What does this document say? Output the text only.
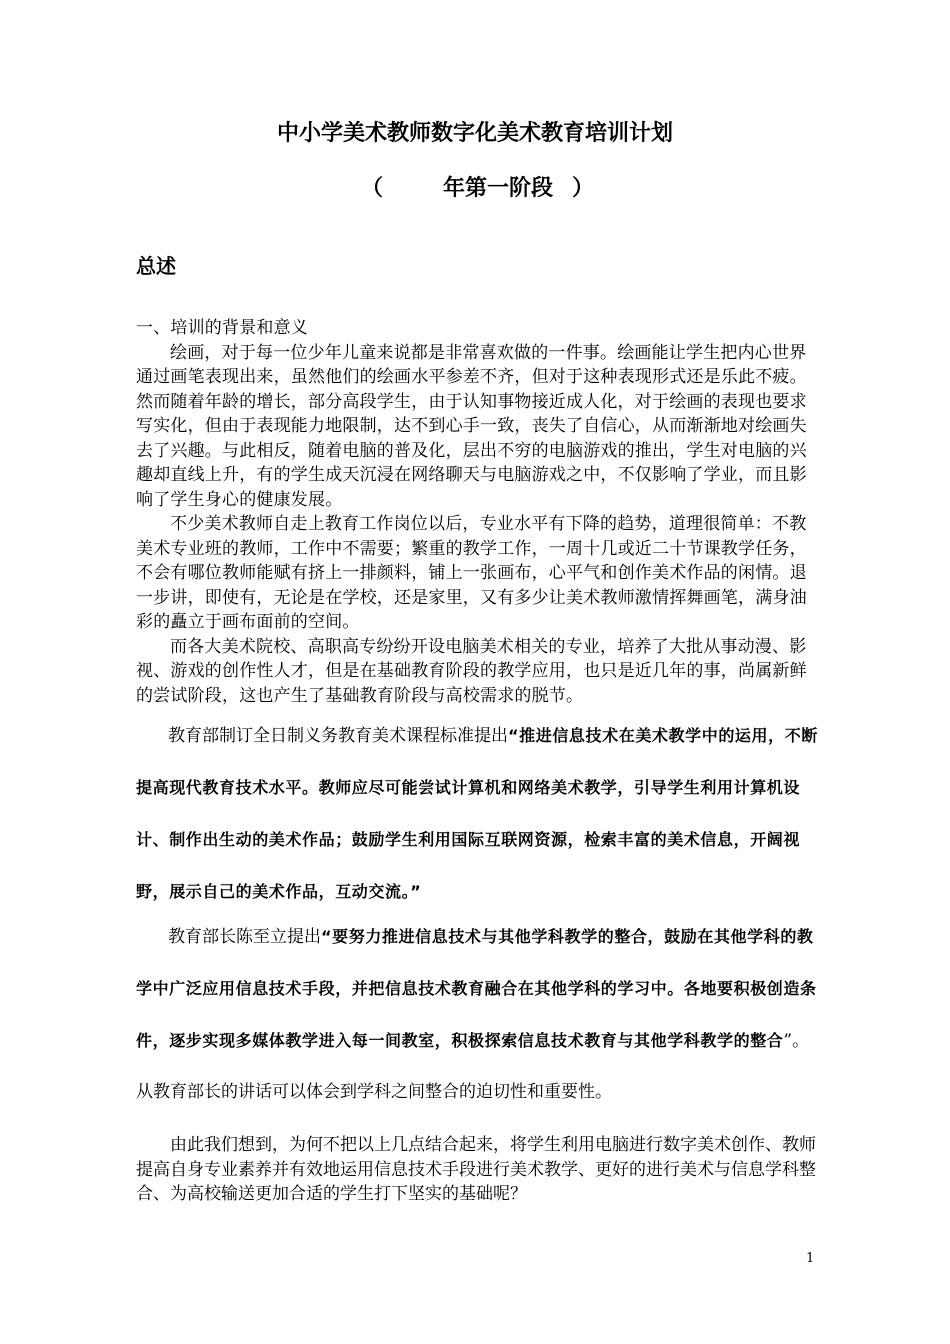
中小学美术教师数字化美术教育培训计划
（	年第一阶段 ）
总述

一、培训的背景和意义

绘画，对于每一位少年儿童来说都是非常喜欢做的一件事。绘画能让学生把内心世界通过画笔表现出来，虽然他们的绘画水平参差不齐，但对于这种表现形式还是乐此不疲。然而随着年龄的增长，部分高段学生，由于认知事物接近成人化，对于绘画的表现也要求写实化，但由于表现能力地限制，达不到心手一致，丧失了自信心，从而渐渐地对绘画失去了兴趣。与此相反，随着电脑的普及化，层出不穷的电脑游戏的推出，学生对电脑的兴趣却直线上升，有的学生成天沉浸在网络聊天与电脑游戏之中，不仅影响了学业，而且影响了学生身心的健康发展。

不少美术教师自走上教育工作岗位以后，专业水平有下降的趋势，道理很简单：不教美术专业班的教师，工作中不需要；繁重的教学工作，一周十几或近二十节课教学任务，不会有哪位教师能赋有挤上一排颜料，铺上一张画布，心平气和创作美术作品的闲情。退一步讲，即使有，无论是在学校，还是家里，又有多少让美术教师激情挥舞画笔，满身油彩的矗立于画布面前的空间。

而各大美术院校、高职高专纷纷开设电脑美术相关的专业，培养了大批从事动漫、影视、游戏的创作性人才，但是在基础教育阶段的教学应用，也只是近几年的事，尚属新鲜的尝试阶段，这也产生了基础教育阶段与高校需求的脱节。

教育部制订全日制义务教育美术课程标准提出“推进信息技术在美术教学中的运用，不断提高现代教育技术水平。教师应尽可能尝试计算机和网络美术教学，引导学生利用计算机设计、制作出生动的美术作品；鼓励学生利用国际互联网资源，检索丰富的美术信息，开阔视野，展示自己的美术作品，互动交流。”

教育部长陈至立提出“要努力推进信息技术与其他学科教学的整合，鼓励在其他学科的教学中广泛应用信息技术手段，并把信息技术教育融合在其他学科的学习中。各地要积极创造条件，逐步实现多媒体教学进入每一间教室，积极探索信息技术教育与其他学科教学的整合”。从教育部长的讲话可以体会到学科之间整合的迫切性和重要性。

由此我们想到，为何不把以上几点结合起来，将学生利用电脑进行数字美术创作、教师提高自身专业素养并有效地运用信息技术手段进行美术教学、更好的进行美术与信息学科整合、为高校输送更加合适的学生打下坚实的基础呢？

1
